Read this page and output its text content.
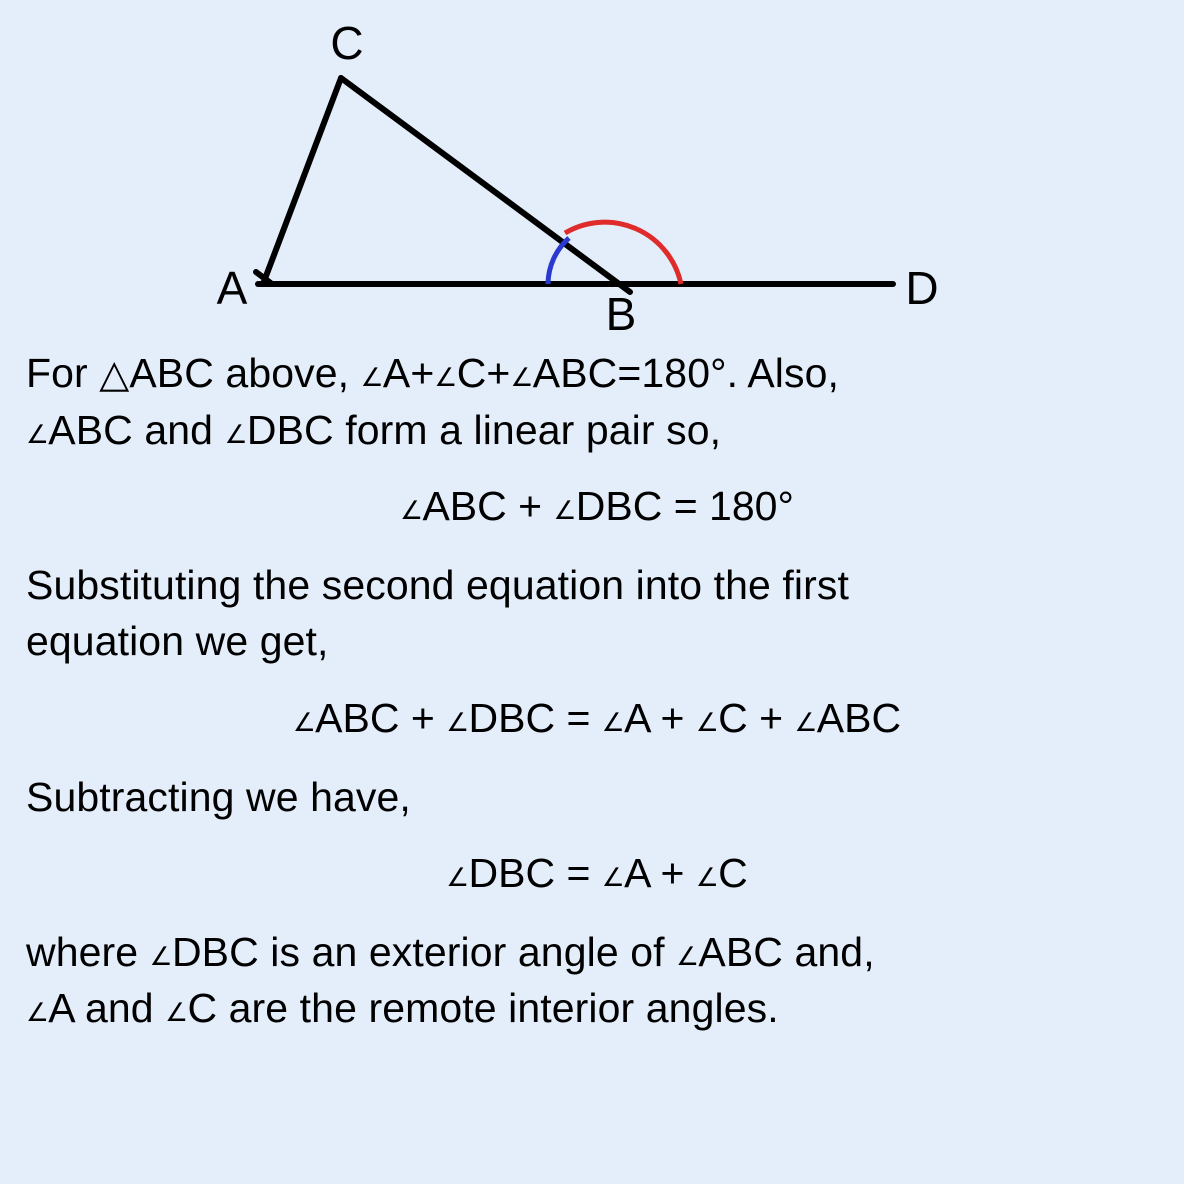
A	B
C
D

For △ABC above, ∠A+∠C+∠ABC=180°. Also,
∠ABC and ∠DBC form a linear pair so,

∠ABC + ∠DBC = 180°

Substituting the second equation into the first
equation we get,

∠ABC + ∠DBC = ∠A + ∠C + ∠ABC

Subtracting we have,

∠DBC = ∠A + ∠C

where ∠DBC is an exterior angle of ∠ABC and,
∠A and ∠C are the remote interior angles.
